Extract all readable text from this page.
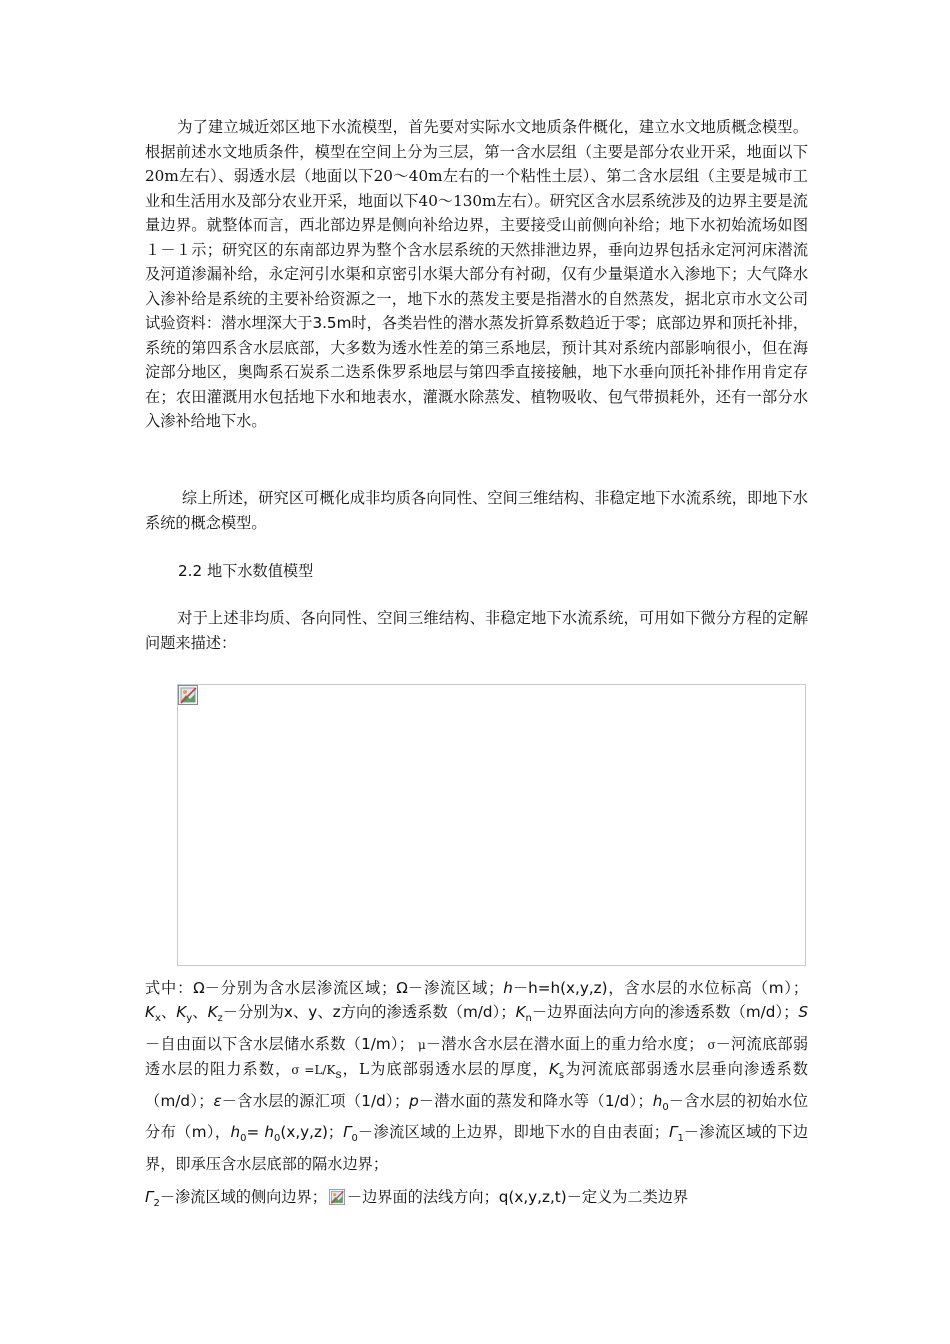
为了建立城近郊区地下水流模型，首先要对实际水文地质条件概化，建立水文地质概念模型。根据前述水文地质条件，模型在空间上分为三层，第一含水层组（主要是部分农业开采，地面以下20m左右）、弱透水层（地面以下20～40m左右的一个粘性土层）、第二含水层组（主要是城市工业和生活用水及部分农业开采，地面以下40～130m左右）。研究区含水层系统涉及的边界主要是流量边界。就整体而言，西北部边界是侧向补给边界，主要接受山前侧向补给；地下水初始流场如图１－１示；研究区的东南部边界为整个含水层系统的天然排泄边界，垂向边界包括永定河河床潜流及河道渗漏补给，永定河引水渠和京密引水渠大部分有衬砌，仅有少量渠道水入渗地下；大气降水入渗补给是系统的主要补给资源之一，地下水的蒸发主要是指潜水的自然蒸发，据北京市水文公司试验资料：潜水埋深大于3.5m时，各类岩性的潜水蒸发折算系数趋近于零；底部边界和顶托补排，系统的第四系含水层底部，大多数为透水性差的第三系地层，预计其对系统内部影响很小，但在海淀部分地区，奥陶系石炭系二迭系侏罗系地层与第四季直接接触，地下水垂向顶托补排作用肯定存在；农田灌溉用水包括地下水和地表水，灌溉水除蒸发、植物吸收、包气带损耗外，还有一部分水入渗补给地下水。

综上所述，研究区可概化成非均质各向同性、空间三维结构、非稳定地下水流系统，即地下水系统的概念模型。

2.2 地下水数值模型

对于上述非均质、各向同性、空间三维结构、非稳定地下水流系统，可用如下微分方程的定解问题来描述：

式中：Ω－分别为含水层渗流区域；Ω－渗流区域；h－h=h(x,y,z)，含水层的水位标高（m）；$K_x$、$K_y$、$K_z-$分别为x、y、z方向的渗透系数（m/d）；$K_n-$边界面法向方向的渗透系数（m/d）；S－自由面以下含水层储水系数（1/m）； μ－潜水含水层在潜水面上的重力给水度； σ－河流底部弱透水层的阻力系数，$\sigma =L/K_s$，L为底部弱透水层的厚度，$K_s$为河流底部弱透水层垂向渗透系数（m/d）；ε－含水层的源汇项（1/d）；p－潜水面的蒸发和降水等（1/d）；$h_0-$含水层的初始水位分布（m），$h_0= h_0(x,y,z)$；$\Gamma_0-$渗流区域的上边界，即地下水的自由表面；$\Gamma_1-$渗流区域的下边界，即承压含水层底部的隔水边界；
$\Gamma_2-$渗流区域的侧向边界； －边界面的法线方向；q(x,y,z,t)－定义为二类边界
